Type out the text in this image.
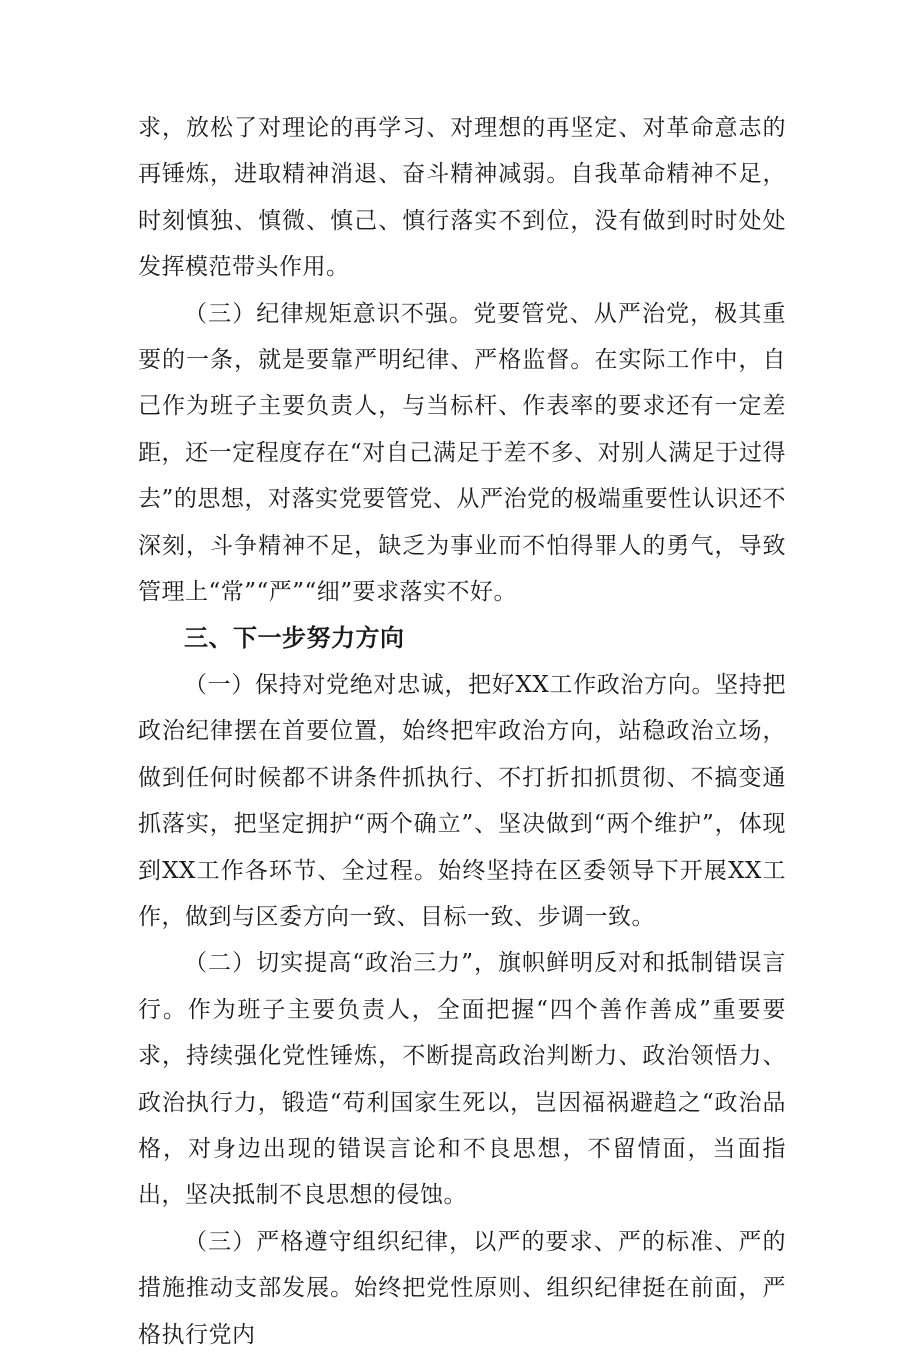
求，放松了对理论的再学习、对理想的再坚定、对革命意志的再锤炼，进取精神消退、奋斗精神减弱。自我革命精神不足，时刻慎独、慎微、慎己、慎行落实不到位，没有做到时时处处发挥模范带头作用。

（三）纪律规矩意识不强。党要管党、从严治党，极其重要的一条，就是要靠严明纪律、严格监督。在实际工作中，自己作为班子主要负责人，与当标杆、作表率的要求还有一定差距，还一定程度存在“对自己满足于差不多、对别人满足于过得去”的思想，对落实党要管党、从严治党的极端重要性认识还不深刻，斗争精神不足，缺乏为事业而不怕得罪人的勇气，导致管理上“常”“严”“细”要求落实不好。

三、下一步努力方向

（一）保持对党绝对忠诚，把好XX工作政治方向。坚持把政治纪律摆在首要位置，始终把牢政治方向，站稳政治立场，做到任何时候都不讲条件抓执行、不打折扣抓贯彻、不搞变通抓落实，把坚定拥护“两个确立”、坚决做到“两个维护”，体现到XX工作各环节、全过程。始终坚持在区委领导下开展XX工作，做到与区委方向一致、目标一致、步调一致。

（二）切实提高“政治三力”，旗帜鲜明反对和抵制错误言行。作为班子主要负责人，全面把握“四个善作善成”重要要求，持续强化党性锤炼，不断提高政治判断力、政治领悟力、政治执行力，锻造“苟利国家生死以，岂因福祸避趋之“政治品格，对身边出现的错误言论和不良思想，不留情面，当面指出，坚决抵制不良思想的侵蚀。

（三）严格遵守组织纪律，以严的要求、严的标准、严的措施推动支部发展。始终把党性原则、组织纪律挺在前面，严格执行党内
